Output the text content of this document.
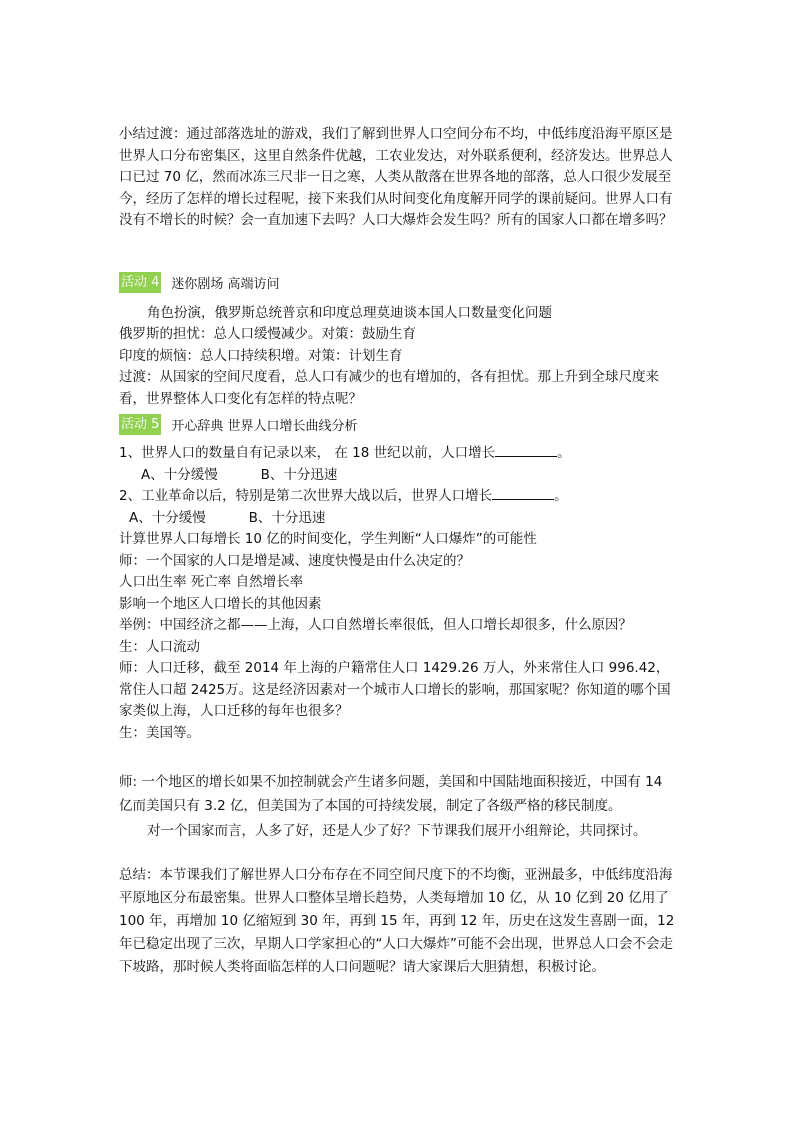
小结过渡：通过部落选址的游戏，我们了解到世界人口空间分布不均，中低纬度沿海平原区是世界人口分布密集区，这里自然条件优越，工农业发达，对外联系便利，经济发达。世界总人口已过 70 亿，然而冰冻三尺非一日之寒，人类从散落在世界各地的部落，总人口很少发展至今，经历了怎样的增长过程呢，接下来我们从时间变化角度解开同学的课前疑问。世界人口有没有不增长的时候？会一直加速下去吗？人口大爆炸会发生吗？所有的国家人口都在增多吗？

活动 4 迷你剧场 高端访问

角色扮演，俄罗斯总统普京和印度总理莫迪谈本国人口数量变化问题

俄罗斯的担忧：总人口缓慢减少。对策：鼓励生育

印度的烦恼：总人口持续积增。对策：计划生育

过渡：从国家的空间尺度看，总人口有减少的也有增加的，各有担忧。那上升到全球尺度来看，世界整体人口变化有怎样的特点呢？

活动 5 开心辞典 世界人口增长曲线分析

1、世界人口的数量自有记录以来， 在 18 世纪以前，人口增长	。

A、十分缓慢          B、十分迅速

2、工业革命以后，特别是第二次世界大战以后，世界人口增长	。

A、十分缓慢          B、十分迅速

计算世界人口每增长 10 亿的时间变化，学生判断“人口爆炸”的可能性

师：一个国家的人口是增是减、速度快慢是由什么决定的？

人口出生率 死亡率 自然增长率

影响一个地区人口增长的其他因素

举例：中国经济之都——上海，人口自然增长率很低，但人口增长却很多，什么原因？

生：人口流动

师：人口迁移，截至 2014 年上海的户籍常住人口 1429.26 万人，外来常住人口 996.42，常住人口超 2425万。这是经济因素对一个城市人口增长的影响，那国家呢？你知道的哪个国家类似上海，人口迁移的每年也很多？

生：美国等。

师: 一个地区的增长如果不加控制就会产生诸多问题，美国和中国陆地面积接近，中国有 14 亿而美国只有 3.2 亿，但美国为了本国的可持续发展，制定了各级严格的移民制度。

对一个国家而言，人多了好，还是人少了好？下节课我们展开小组辩论，共同探讨。

总结：本节课我们了解世界人口分布存在不同空间尺度下的不均衡，亚洲最多，中低纬度沿海平原地区分布最密集。世界人口整体呈增长趋势，人类每增加 10 亿，从 10 亿到 20 亿用了 100 年，再增加 10 亿缩短到 30 年，再到 15 年，再到 12 年，历史在这发生喜剧一面，12 年已稳定出现了三次，早期人口学家担心的“人口大爆炸”可能不会出现，世界总人口会不会走下坡路，那时候人类将面临怎样的人口问题呢？请大家课后大胆猜想，积极讨论。
